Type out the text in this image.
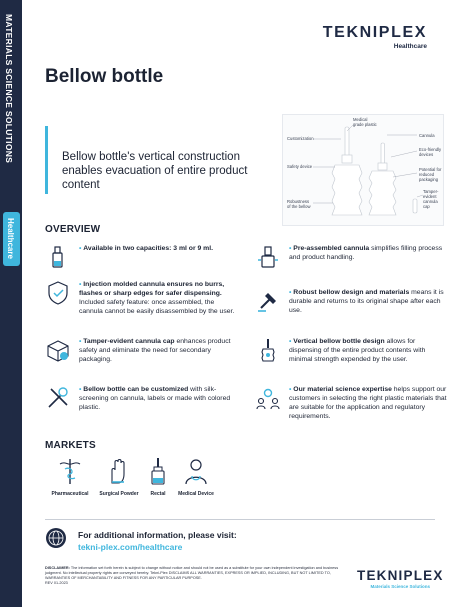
MATERIALS SCIENCE SOLUTIONS
Healthcare
TEKNIPLEX
Healthcare
Bellow bottle

Bellow bottle's vertical construction enables evacuation of entire product content

Customization
Safety device
Robustness of the bellow
Medical grade plastic
Cannula
Eco-friendly devices
Potential for reduced packaging
Tamper-evident cannula cap
OVERVIEW
• Available in two capacities: 3 ml or 9 ml.
• Injection molded cannula ensures no burrs, flashes or sharp edges for safer dispensing. Included safety feature: once assembled, the cannula cannot be easily disassembled by the user.
• Tamper-evident cannula cap enhances product safety and eliminate the need for secondary packaging.
• Bellow bottle can be customized with silk-screening on cannula, labels or made with colored plastic.
• Pre-assembled cannula simplifies filling process and product handling.
• Robust bellow design and materials means it is durable and returns to its original shape after each use.
• Vertical bellow bottle design allows for dispensing of the entire product contents with minimal strength expended by the user.
• Our material science expertise helps support our customers in selecting the right plastic materials that are suitable for the application and regulatory requirements.
MARKETS
Pharmaceutical	Surgical Powder	Rectal	Medical Device
For additional information, please visit:
tekni-plex.com/healthcare
DISCLAIMER: The information set forth herein is subject to change without notice and should not be used as a substitute for your own independent investigation and business judgment. No intellectual property rights are conveyed hereby. Tekni-Plex DISCLAIMS ALL WARRANTIES, EXPRESS OR IMPLIED, INCLUDING, BUT NOT LIMITED TO, WARRANTIES OF MERCHANTABILITY AND FITNESS FOR ANY PARTICULAR PURPOSE.
REV 01-2023	TEKNIPLEX
Materials Science Solutions
